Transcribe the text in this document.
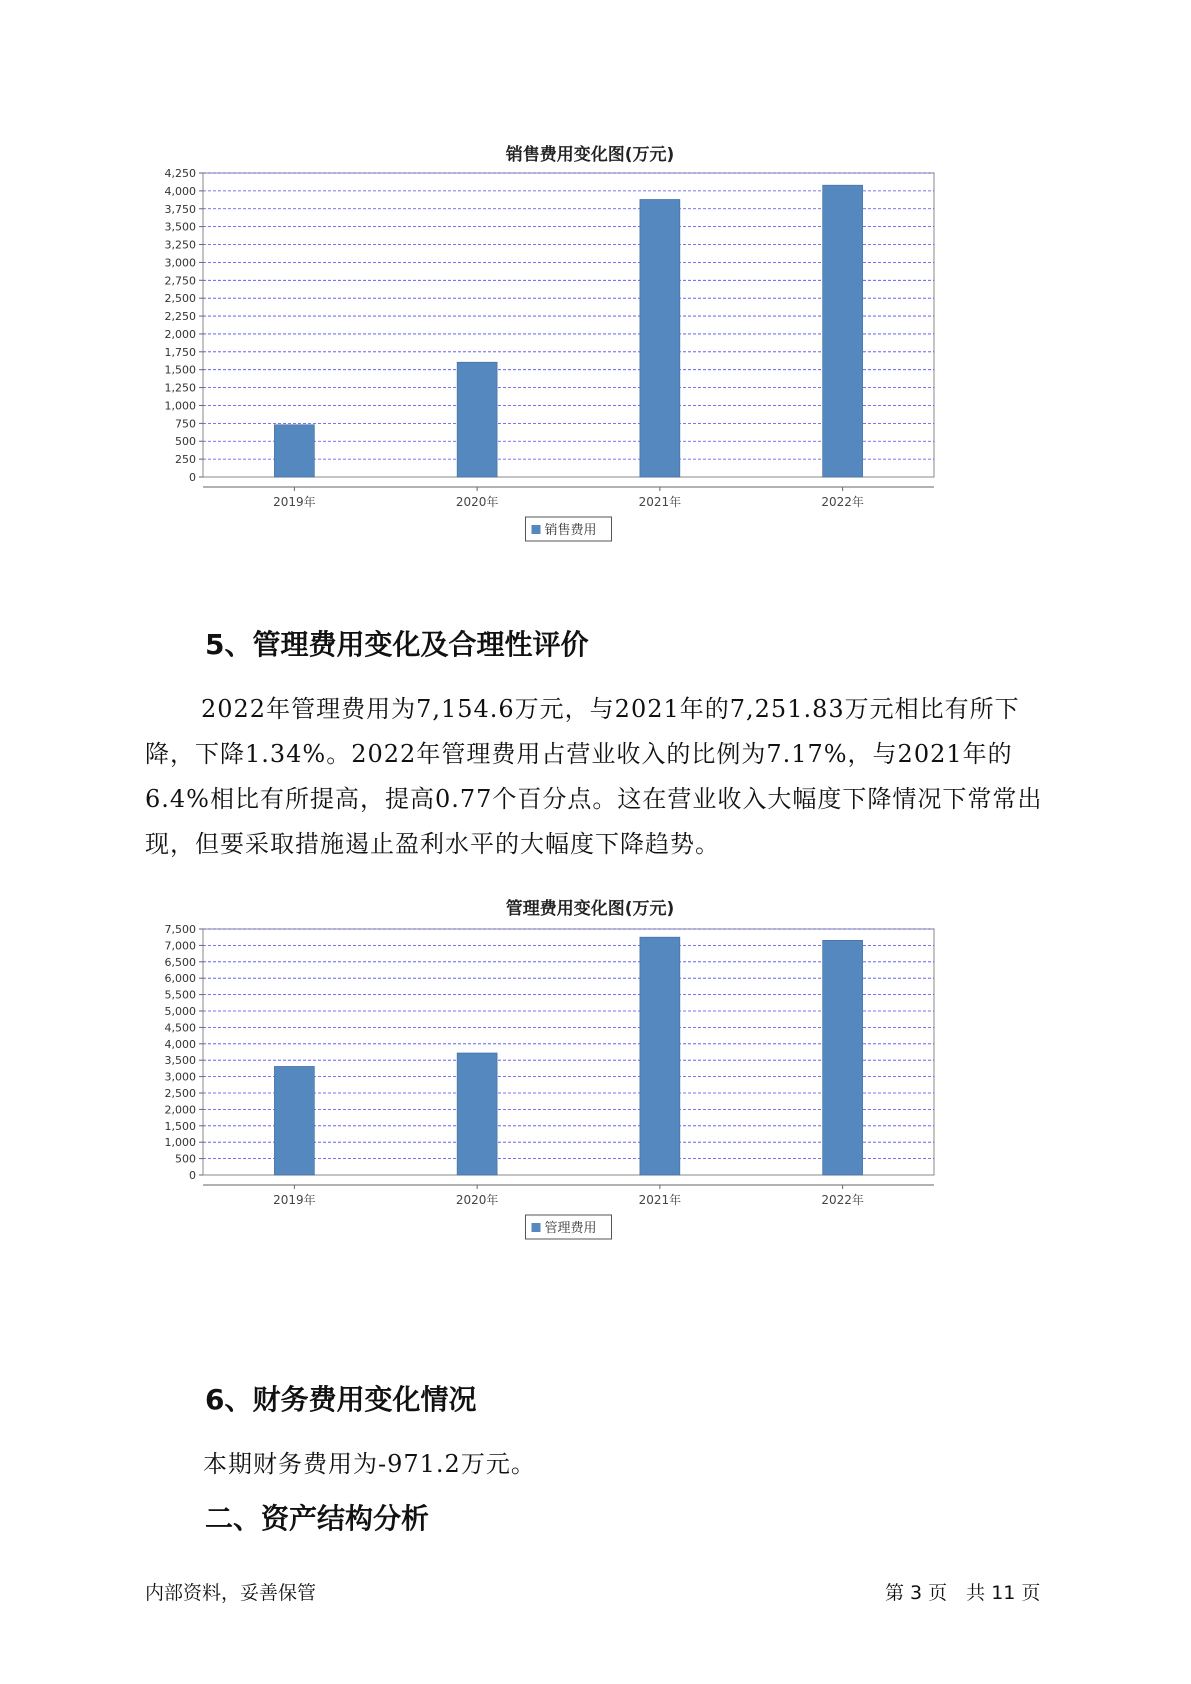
销售费用变化图(万元)
0
250
500
750
1,000
1,250
1,500
1,750
2,000
2,250
2,500
2,750
3,000
3,250
3,500
3,750
4,000
4,250
2019年	2020年	2021年	2022年
销售费用
5、管理费用变化及合理性评价

2022年管理费用为7,154.6万元，与2021年的7,251.83万元相比有所下降，下降1.34%。2022年管理费用占营业收入的比例为7.17%，与2021年的6.4%相比有所提高，提高0.77个百分点。这在营业收入大幅度下降情况下常常出现，但要采取措施遏止盈利水平的大幅度下降趋势。

管理费用变化图(万元)
0
500
1,000
1,500
2,000
2,500
3,000
3,500
4,000
4,500
5,000
5,500
6,000
6,500
7,000
7,500
2019年	2020年	2021年	2022年
管理费用
6、财务费用变化情况

本期财务费用为-971.2万元。

二、资产结构分析
内部资料，妥善保管	第 3 页　共 11 页
